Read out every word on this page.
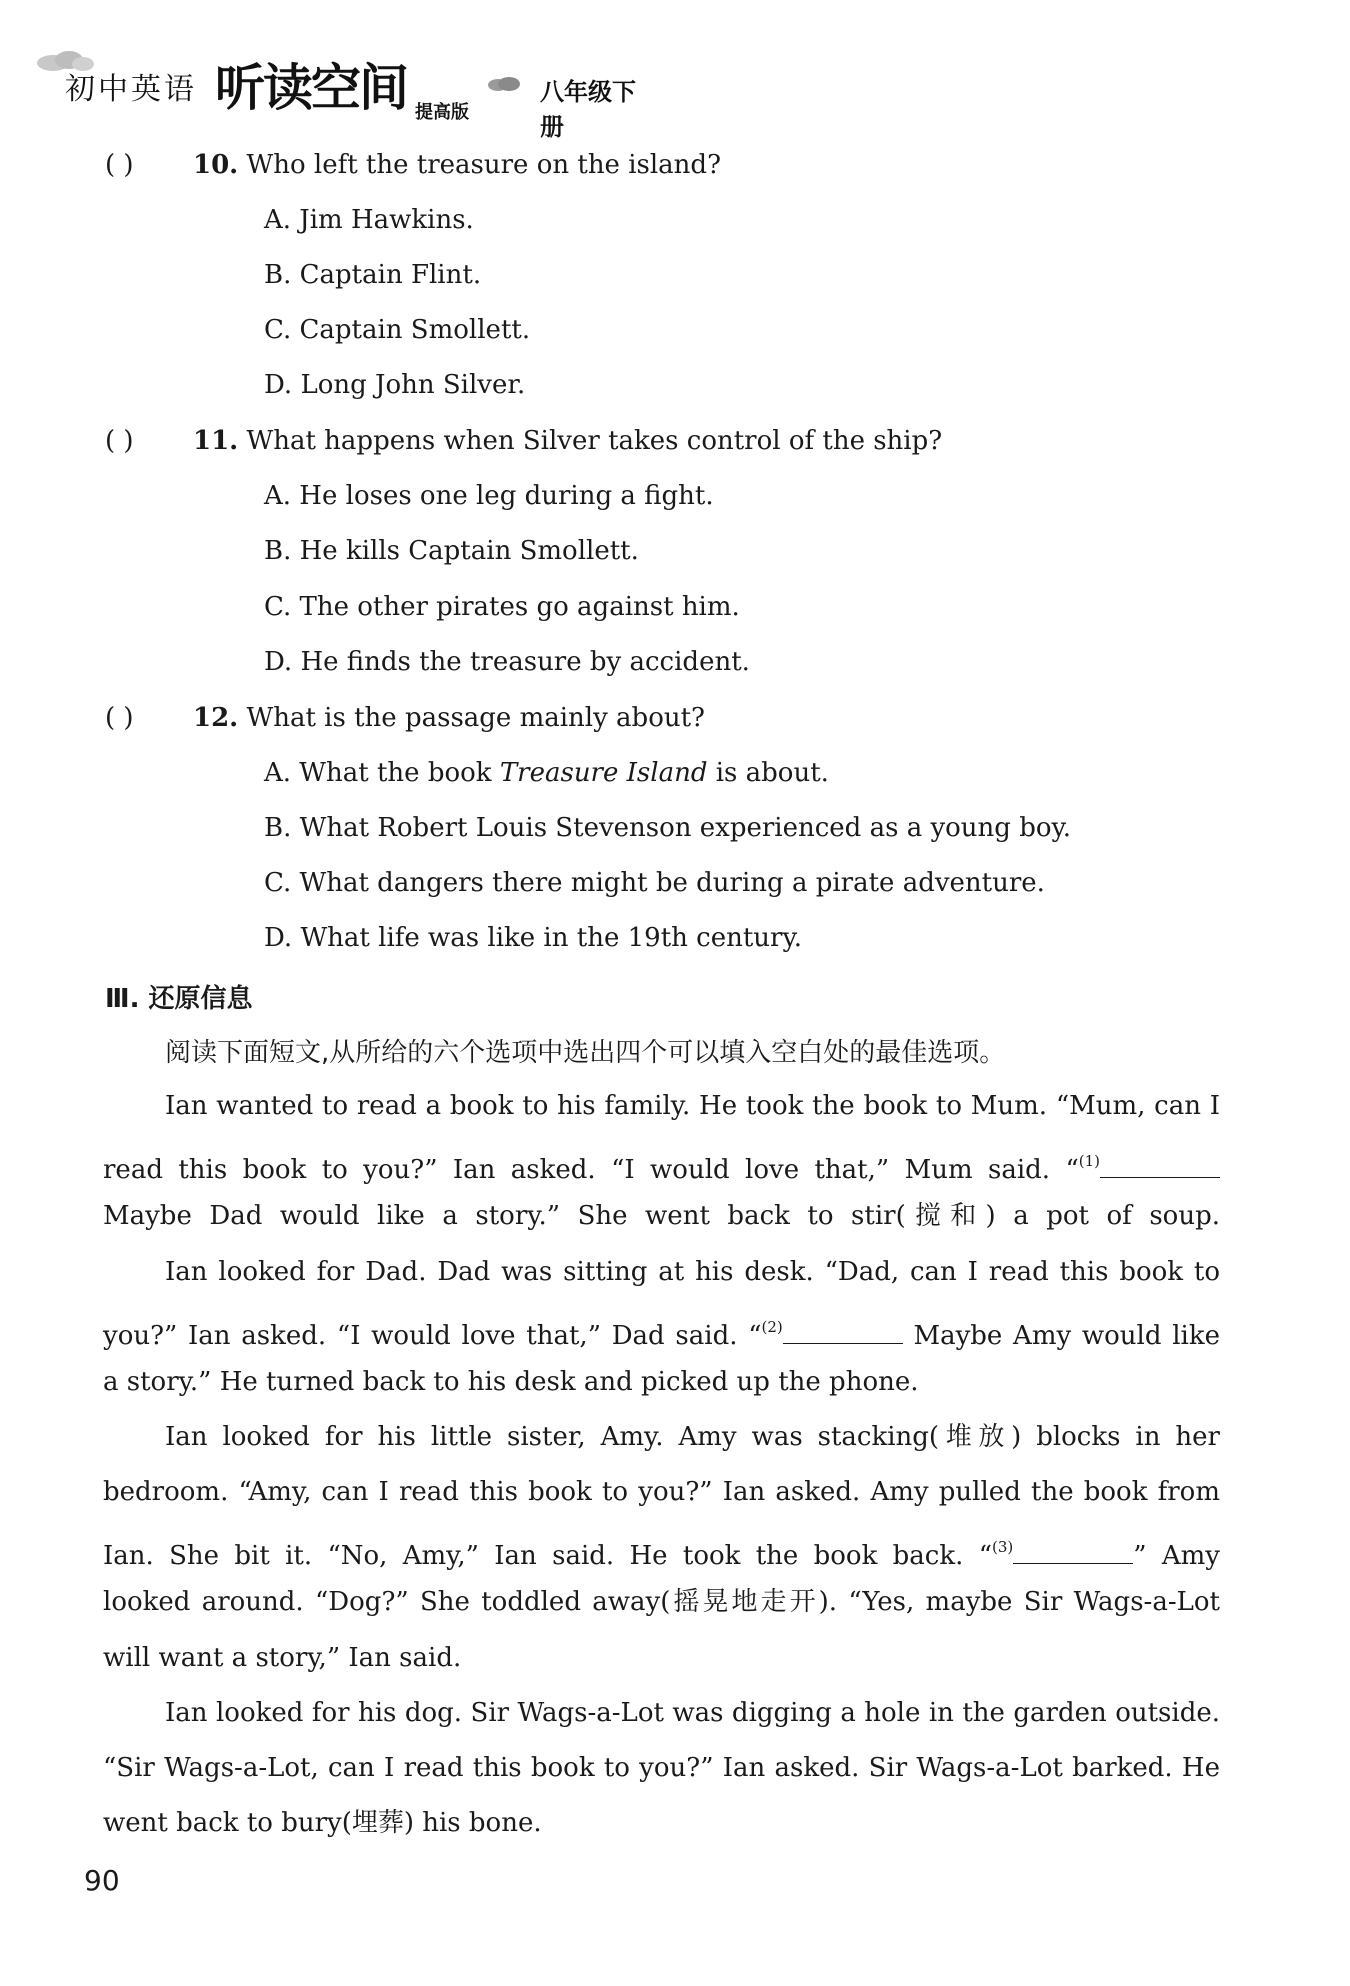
初中英语 听读空间 提高版
八年级下册
( ) 10. Who left the treasure on the island?
A. Jim Hawkins.
B. Captain Flint.
C. Captain Smollett.
D. Long John Silver.
( ) 11. What happens when Silver takes control of the ship?
A. He loses one leg during a fight.
B. He kills Captain Smollett.
C. The other pirates go against him.
D. He finds the treasure by accident.
( ) 12. What is the passage mainly about?
A. What the book Treasure Island is about.
B. What Robert Louis Stevenson experienced as a young boy.
C. What dangers there might be during a pirate adventure.
D. What life was like in the 19th century.
Ⅲ. 还原信息
阅读下面短文,从所给的六个选项中选出四个可以填入空白处的最佳选项。
Ian wanted to read a book to his family. He took the book to Mum. “Mum, can I
read this book to you?” Ian asked. “I would love that,” Mum said. “$^{(1)}$
Maybe Dad would like a story.” She went back to stir(搅和) a pot of soup.
Ian looked for Dad. Dad was sitting at his desk. “Dad, can I read this book to
you?” Ian asked. “I would love that,” Dad said. “$^{(2)}$	Maybe Amy would like
a story.” He turned back to his desk and picked up the phone.
Ian looked for his little sister, Amy. Amy was stacking(堆放) blocks in her
bedroom. “Amy, can I read this book to you?” Ian asked. Amy pulled the book from
Ian. She bit it. “No, Amy,” Ian said. He took the book back. “$^{(3)}$	” Amy
looked around. “Dog?” She toddled away(摇晃地走开). “Yes, maybe Sir Wags-a-Lot
will want a story,” Ian said.
Ian looked for his dog. Sir Wags-a-Lot was digging a hole in the garden outside.
“Sir Wags-a-Lot, can I read this book to you?” Ian asked. Sir Wags-a-Lot barked. He
went back to bury(埋葬) his bone.
90
